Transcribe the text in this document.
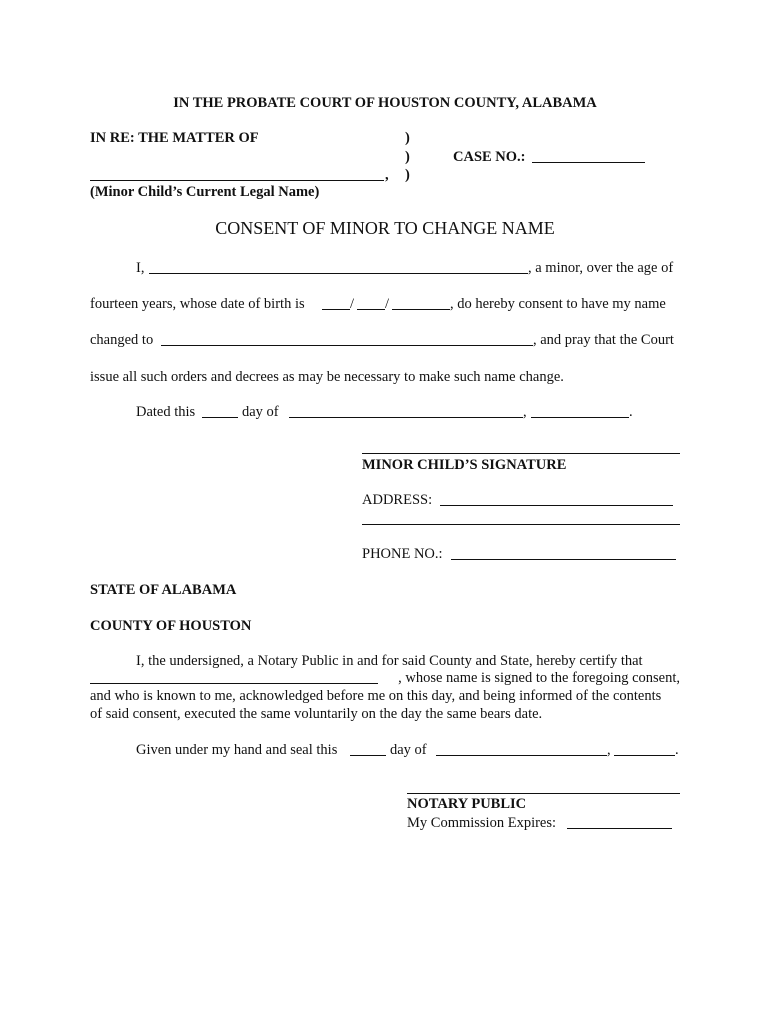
IN THE PROBATE COURT OF HOUSTON COUNTY, ALABAMA
IN RE: THE MATTER OF	)
)
)
CASE NO.:
,
(Minor Child’s Current Legal Name)
CONSENT OF MINOR TO CHANGE NAME
I,	, a minor, over the age of
fourteen years, whose date of birth is	/ /	, do hereby consent to have my name
changed to	, and pray that the Court
issue all such orders and decrees as may be necessary to make such name change.
Dated this	day of	,	.
MINOR CHILD’S SIGNATURE
ADDRESS:
PHONE NO.:
STATE OF ALABAMA
COUNTY OF HOUSTON
I, the undersigned, a Notary Public in and for said County and State, hereby certify that
, whose name is signed to the foregoing consent,
and who is known to me, acknowledged before me on this day, and being informed of the contents
of said consent, executed the same voluntarily on the day the same bears date.
Given under my hand and seal this	day of	,	.
NOTARY PUBLIC
My Commission Expires:
